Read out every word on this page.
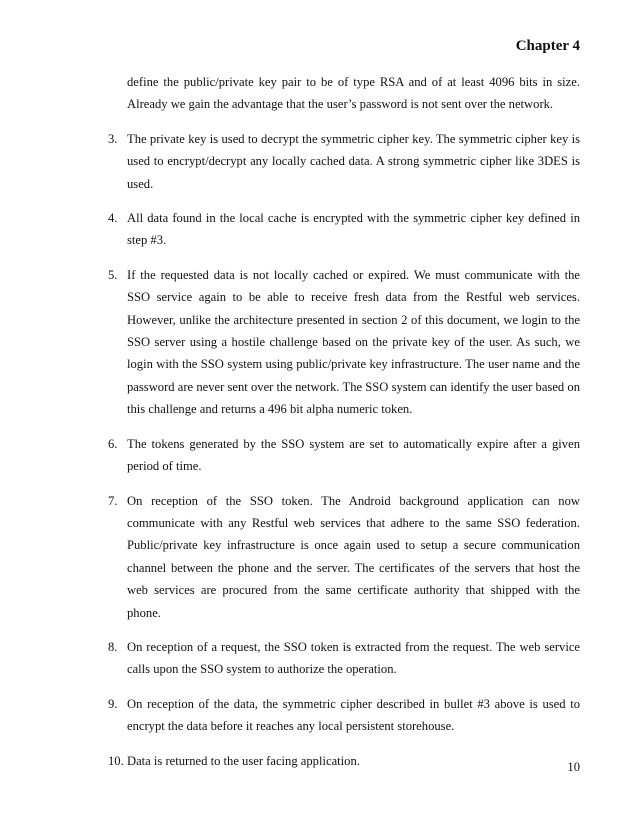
Chapter 4

define the public/private key pair to be of type RSA and of at least 4096 bits in size. Already we gain the advantage that the user’s password is not sent over the network.

3. The private key is used to decrypt the symmetric cipher key. The symmetric cipher key is used to encrypt/decrypt any locally cached data. A strong symmetric cipher like 3DES is used.
4. All data found in the local cache is encrypted with the symmetric cipher key defined in step #3.
5. If the requested data is not locally cached or expired. We must communicate with the SSO service again to be able to receive fresh data from the Restful web services. However, unlike the architecture presented in section 2 of this document, we login to the SSO server using a hostile challenge based on the private key of the user. As such, we login with the SSO system using public/private key infrastructure. The user name and the password are never sent over the network. The SSO system can identify the user based on this challenge and returns a 496 bit alpha numeric token.
6. The tokens generated by the SSO system are set to automatically expire after a given period of time.
7. On reception of the SSO token. The Android background application can now communicate with any Restful web services that adhere to the same SSO federation. Public/private key infrastructure is once again used to setup a secure communication channel between the phone and the server. The certificates of the servers that host the web services are procured from the same certificate authority that shipped with the phone.
8. On reception of a request, the SSO token is extracted from the request. The web service calls upon the SSO system to authorize the operation.
9. On reception of the data, the symmetric cipher described in bullet #3 above is used to encrypt the data before it reaches any local persistent storehouse.
10. Data is returned to the user facing application.	10
